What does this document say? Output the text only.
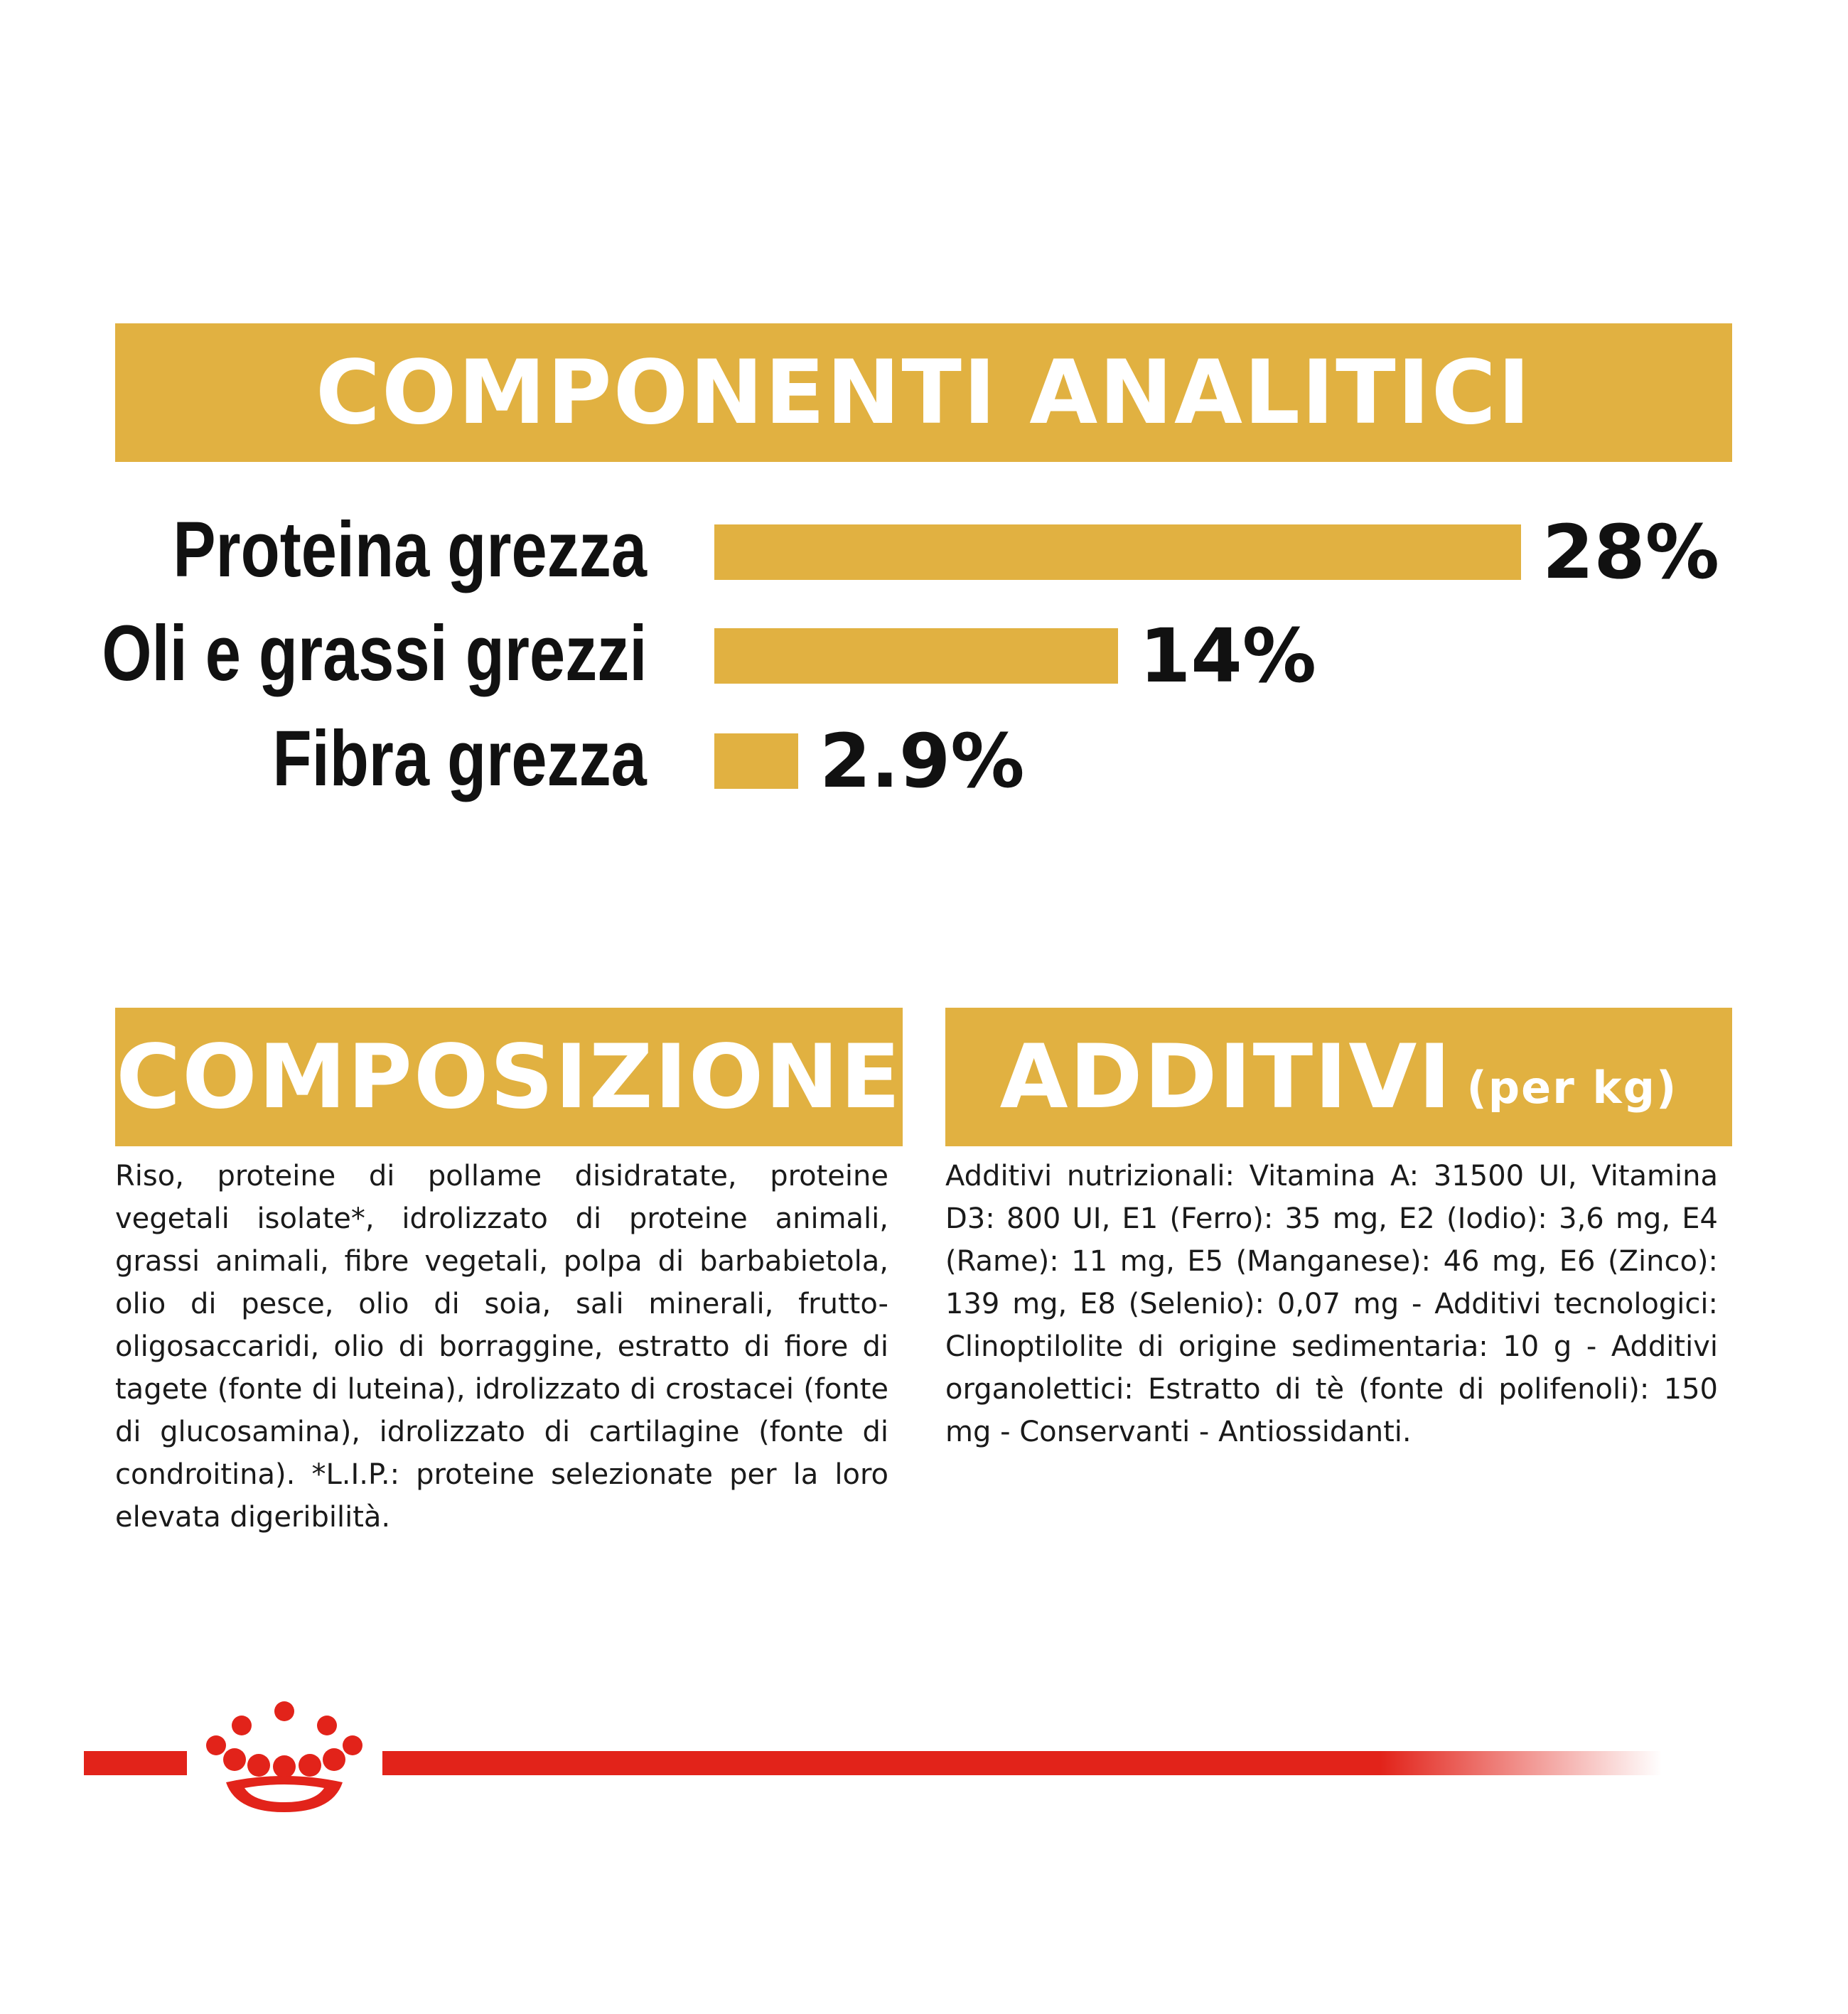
COMPONENTI ANALITICI
Proteina grezza	28%
Oli e grassi grezzi	14%
Fibra grezza 2.9%
COMPOSIZIONE
Riso, proteine di pollame disidratate, proteine vegetali isolate*, idrolizzato di proteine animali, grassi animali, fibre vegetali, polpa di barbabietola, olio di pesce, olio di soia, sali minerali, frutto-oligosaccaridi, olio di borraggine, estratto di fiore di tagete (fonte di luteina), idrolizzato di crostacei (fonte di glucosamina), idrolizzato di cartilagine (fonte di condroitina). *L.I.P.: proteine selezionate per la loro elevata digeribilità.
ADDITIVI (per kg)
Additivi nutrizionali: Vitamina A: 31500 UI, Vitamina D3: 800 UI, E1 (Ferro): 35 mg, E2 (Iodio): 3,6 mg, E4 (Rame): 11 mg, E5 (Manganese): 46 mg, E6 (Zinco): 139 mg, E8 (Selenio): 0,07 mg - Additivi tecnologici: Clinoptilolite di origine sedimentaria: 10 g - Additivi organolettici: Estratto di tè (fonte di polifenoli): 150 mg - Conservanti - Antiossidanti.
